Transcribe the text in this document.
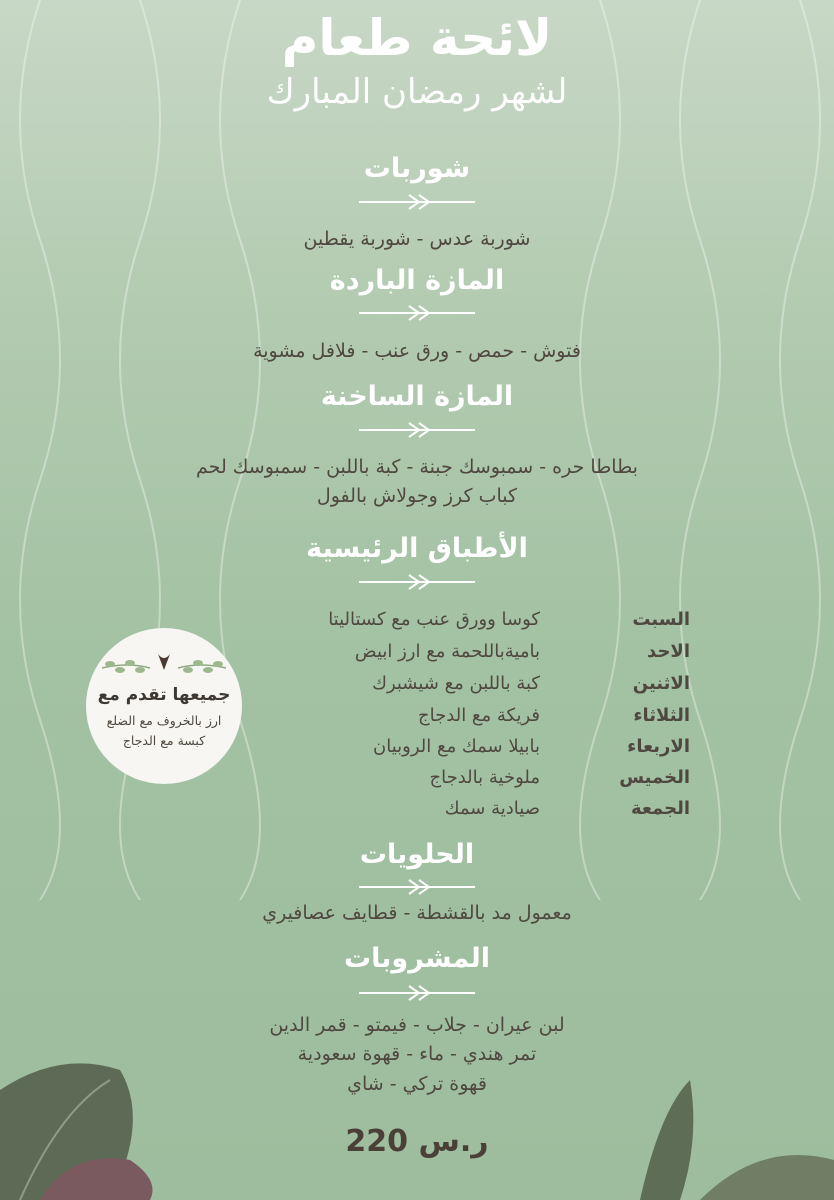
لائحة طعام
لشهر رمضان المبارك
شوربات
شوربة عدس - شوربة يقطين
المازة الباردة
فتوش - حمص - ورق عنب - فلافل مشوية
المازة الساخنة
بطاطا حره - سمبوسك جبنة - كبة باللبن - سمبوسك لحم
كباب كرز وجولاش بالفول
الأطباق الرئيسية
السبت
كوسا وورق عنب مع كستاليتا
الاحد
باميةباللحمة مع ارز ابيض
الاثنين
كبة باللبن مع شيشبرك
الثلاثاء
فريكة مع الدجاج
الاربعاء
بابيلا سمك مع الروبيان
الخميس
ملوخية بالدجاج
الجمعة
صيادية سمك
جميعها تقدم مع
ارز بالخروف مع الضلع
كبسة مع الدجاج
الحلويات
معمول مد بالقشطة - قطايف عصافيري
المشروبات
لبن عيران - جلاب - فيمتو - قمر الدين
تمر هندي - ماء - قهوة سعودية
قهوة تركي - شاي
220 ر.س
